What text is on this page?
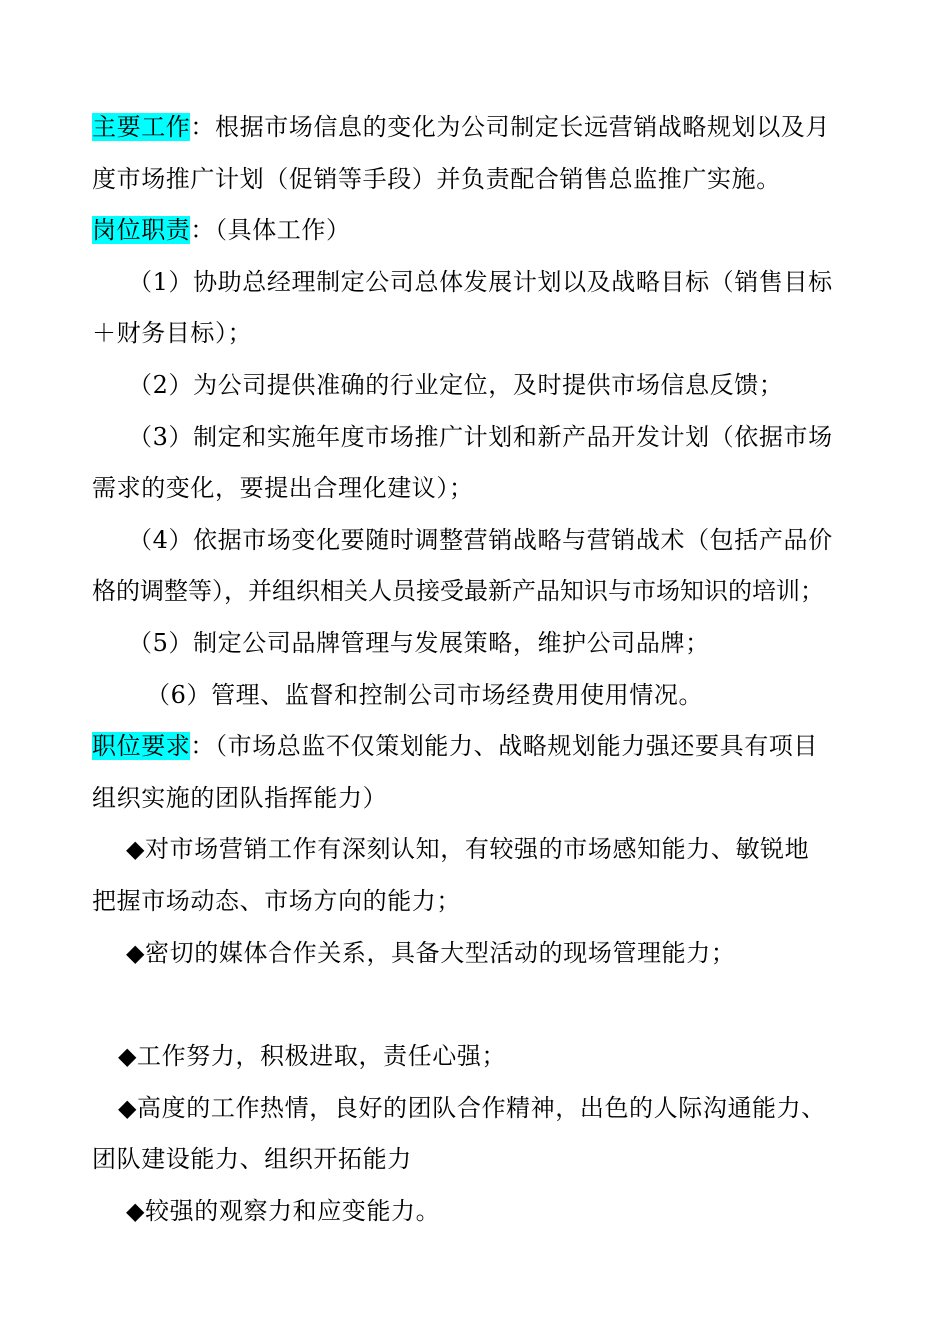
主要工作：根据市场信息的变化为公司制定长远营销战略规划以及月
度市场推广计划（促销等手段）并负责配合销售总监推广实施。
岗位职责：（具体工作）
（1）协助总经理制定公司总体发展计划以及战略目标（销售目标
＋财务目标）；
（2）为公司提供准确的行业定位，及时提供市场信息反馈；
（3）制定和实施年度市场推广计划和新产品开发计划（依据市场
需求的变化，要提出合理化建议）；
（4）依据市场变化要随时调整营销战略与营销战术（包括产品价
格的调整等），并组织相关人员接受最新产品知识与市场知识的培训；
（5）制定公司品牌管理与发展策略，维护公司品牌；
（6）管理、监督和控制公司市场经费用使用情况。
职位要求：（市场总监不仅策划能力、战略规划能力强还要具有项目
组织实施的团队指挥能力）
◆对市场营销工作有深刻认知，有较强的市场感知能力、敏锐地
把握市场动态、市场方向的能力；
◆密切的媒体合作关系，具备大型活动的现场管理能力；
◆工作努力，积极进取，责任心强；
◆高度的工作热情，良好的团队合作精神，出色的人际沟通能力、
团队建设能力、组织开拓能力
◆较强的观察力和应变能力。
